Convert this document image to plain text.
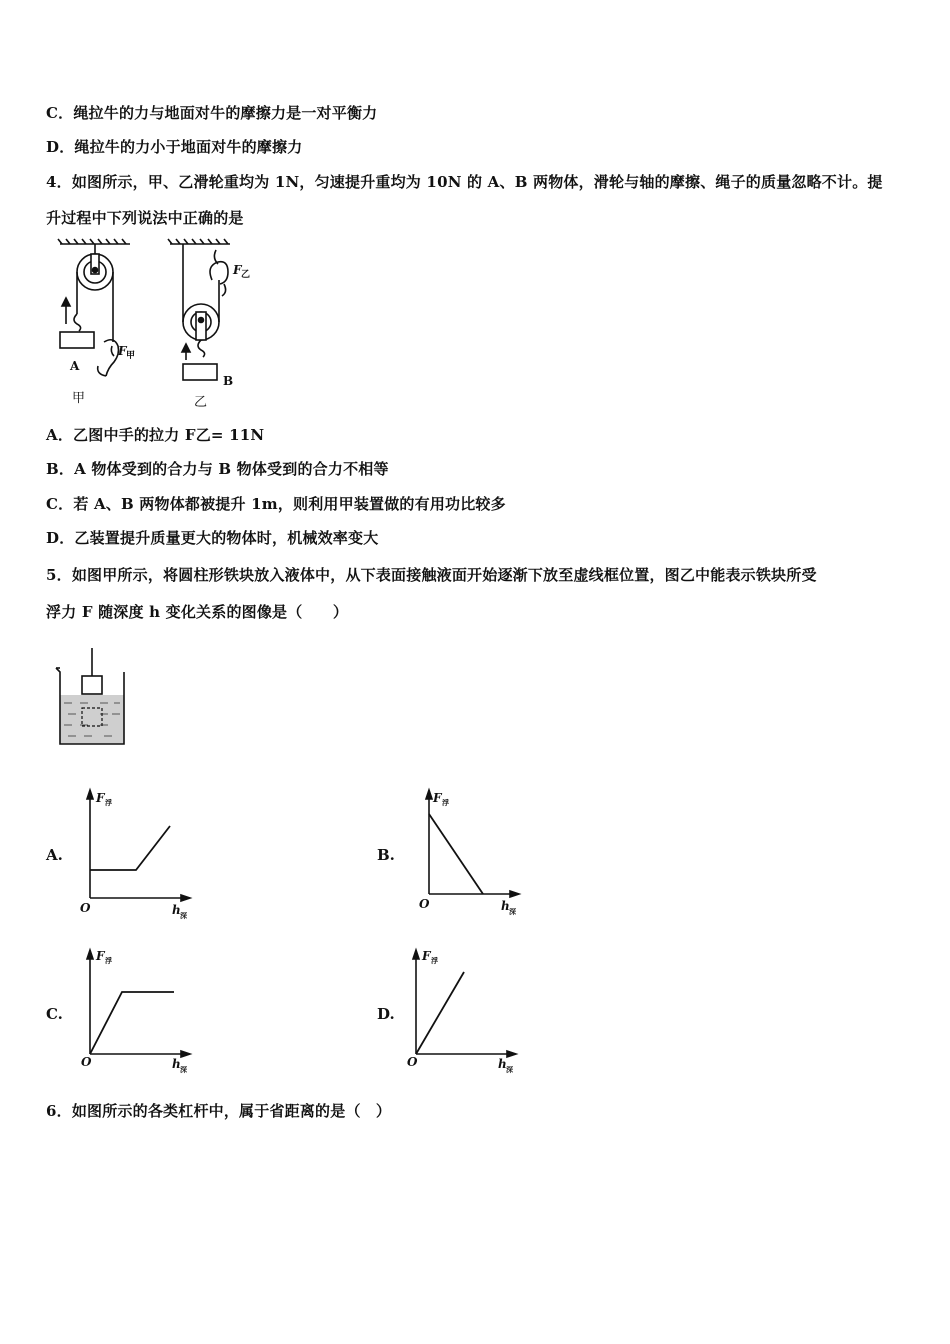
C．绳拉牛的力与地面对牛的摩擦力是一对平衡力
D．绳拉牛的力小于地面对牛的摩擦力
4．如图所示，甲、乙滑轮重均为 1N，匀速提升重均为 10N 的 A、B 两物体，滑轮与轴的摩擦、绳子的质量忽略不计。提
升过程中下列说法中正确的是
A
B
F 甲
F 乙
甲	乙
A．乙图中手的拉力 F乙= 11N
B．A 物体受到的合力与 B 物体受到的合力不相等
C．若 A、B 两物体都被提升 1m，则利用甲装置做的有用功比较多
D．乙装置提升质量更大的物体时，机械效率变大
5．如图甲所示，将圆柱形铁块放入液体中，从下表面接触液面开始逐渐下放至虚线框位置，图乙中能表示铁块所受
浮力 F 随深度 h 变化关系的图像是（　　）
A.	B.
C.	D.
F 浮
O	h 深
F 浮
O	h 深
F 浮
O	h 深
F 浮
O	h 深
6．如图所示的各类杠杆中，属于省距离的是（　）
